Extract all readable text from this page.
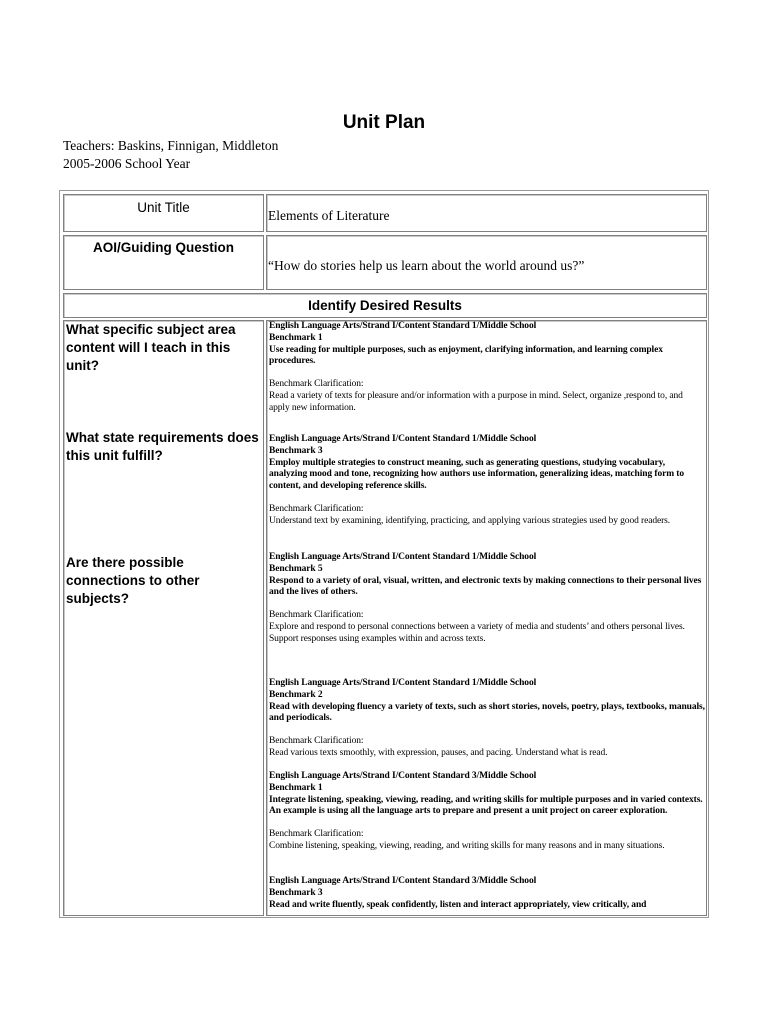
Unit Plan
Teachers: Baskins, Finnigan, Middleton
2005-2006 School Year
Unit Title
Elements of Literature
AOI/Guiding Question
“How do stories help us learn about the world around us?”
Identify Desired Results
What specific subject area content will I teach in this unit?
What state requirements does this unit fulfill?
Are there possible connections to other subjects?
English Language Arts/Strand I/Content Standard 1/Middle School
Benchmark 1
Use reading for multiple purposes, such as enjoyment, clarifying information, and learning complex procedures.
Benchmark Clarification:
Read a variety of texts for pleasure and/or information with a purpose in mind. Select, organize ,respond to, and apply new information.
English Language Arts/Strand I/Content Standard 1/Middle School
Benchmark 3
Employ multiple strategies to construct meaning, such as generating questions, studying vocabulary, analyzing mood and tone, recognizing how authors use information, generalizing ideas, matching form to content, and developing reference skills.
Benchmark Clarification:
Understand text by examining, identifying, practicing, and applying various strategies used by good readers.
English Language Arts/Strand I/Content Standard 1/Middle School
Benchmark 5
Respond to a variety of oral, visual, written, and electronic texts by making connections to their personal lives and the lives of others.
Benchmark Clarification:
Explore and respond to personal connections between a variety of media and students’ and others personal lives. Support responses using examples within and across texts.
English Language Arts/Strand I/Content Standard 1/Middle School
Benchmark 2
Read with developing fluency a variety of texts, such as short stories, novels, poetry, plays, textbooks, manuals, and periodicals.
Benchmark Clarification:
Read various texts smoothly, with expression, pauses, and pacing. Understand what is read.
English Language Arts/Strand I/Content Standard 3/Middle School
Benchmark 1
Integrate listening, speaking, viewing, reading, and writing skills for multiple purposes and in varied contexts. An example is using all the language arts to prepare and present a unit project on career exploration.
Benchmark Clarification:
Combine listening, speaking, viewing, reading, and writing skills for many reasons and in many situations.
English Language Arts/Strand I/Content Standard 3/Middle School
Benchmark 3
Read and write fluently, speak confidently, listen and interact appropriately, view critically, and
